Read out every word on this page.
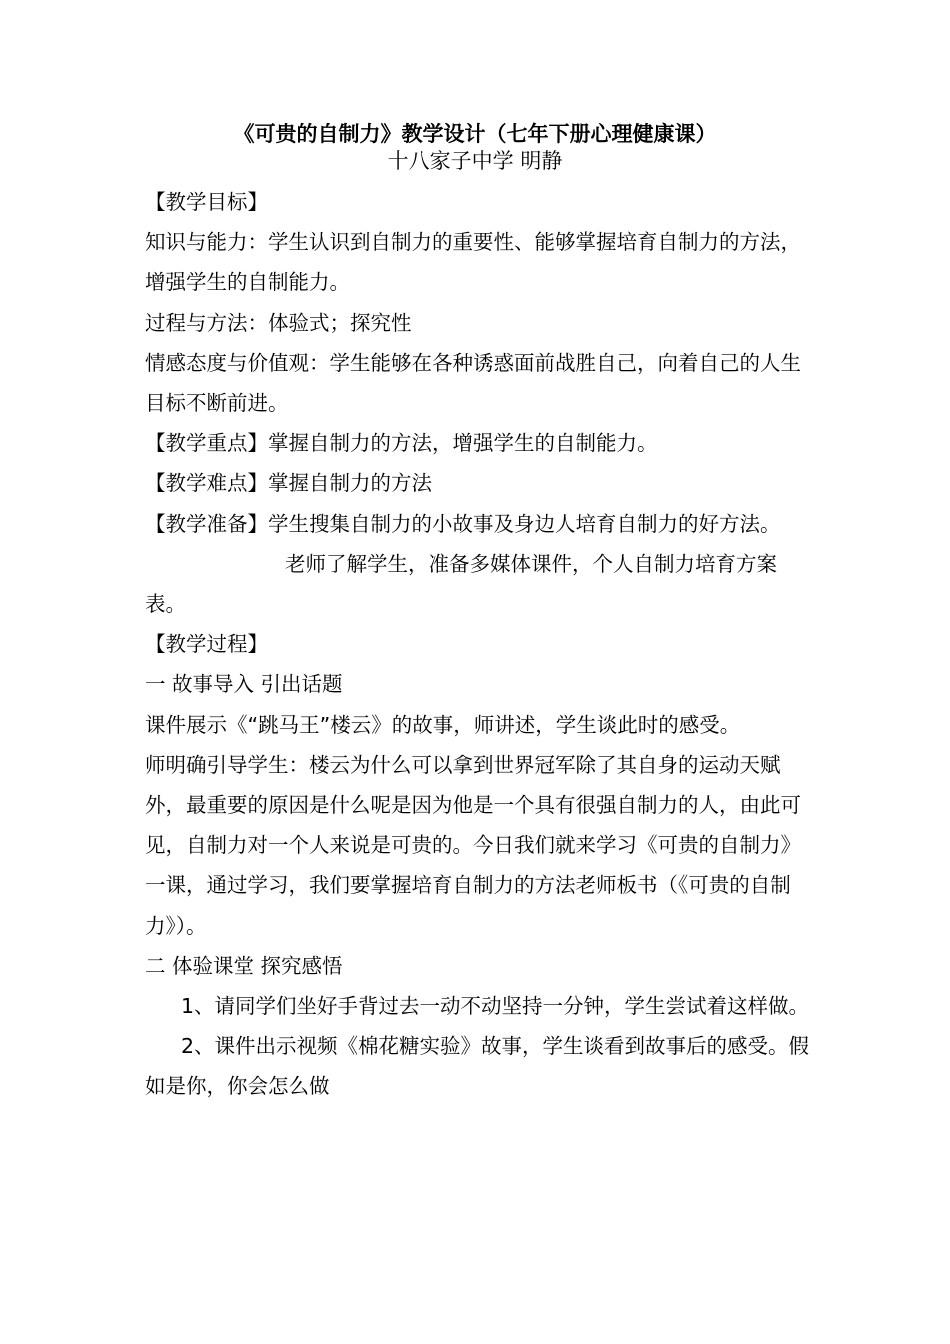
《可贵的自制力》教学设计（七年下册心理健康课）

十八家子中学 明静

【教学目标】

知识与能力：学生认识到自制力的重要性、能够掌握培育自制力的方法，增强学生的自制能力。

过程与方法：体验式；探究性

情感态度与价值观：学生能够在各种诱惑面前战胜自己，向着自己的人生目标不断前进。

【教学重点】掌握自制力的方法，增强学生的自制能力。

【教学难点】掌握自制力的方法

【教学准备】学生搜集自制力的小故事及身边人培育自制力的好方法。

老师了解学生，准备多媒体课件，个人自制力培育方案表。

【教学过程】

一 故事导入 引出话题

课件展示《“跳马王”楼云》的故事，师讲述，学生谈此时的感受。

师明确引导学生：楼云为什么可以拿到世界冠军除了其自身的运动天赋外，最重要的原因是什么呢是因为他是一个具有很强自制力的人，由此可见，自制力对一个人来说是可贵的。今日我们就来学习《可贵的自制力》一课，通过学习，我们要掌握培育自制力的方法老师板书（《可贵的自制力》）。

二 体验课堂 探究感悟

1、请同学们坐好手背过去一动不动坚持一分钟，学生尝试着这样做。

2、课件出示视频《棉花糖实验》故事，学生谈看到故事后的感受。假如是你，你会怎么做
